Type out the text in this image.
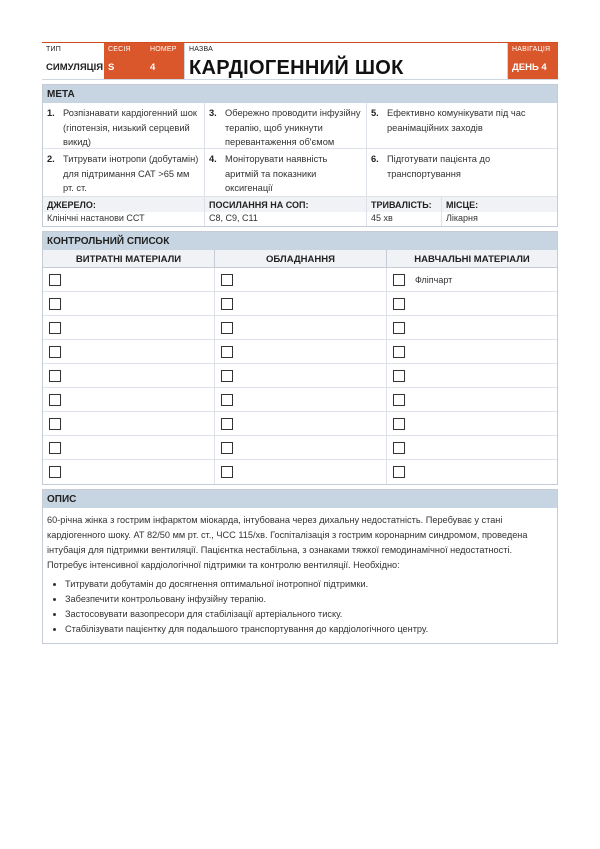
ТИП
СИМУЛЯЦІЯ
СЕСІЯ
S
НОМЕР
4
НАЗВА
КАРДІОГЕННИЙ ШОК
НАВІГАЦІЯ
ДЕНЬ 4
МЕТА
1. Розпізнавати кардіогенний шок (гіпотензія, низький серцевий викид)
3. Обережно проводити інфузійну терапію, щоб уникнути перевантаження об'ємом
5. Ефективно комунікувати під час реанімаційних заходів
2. Титрувати інотропи (добутамін) для підтримання САТ >65 мм рт. ст.
4. Моніторувати наявність аритмій та показники оксигенації
6. Підготувати пацієнта до транспортування
ДЖЕРЕЛО:
Клінічні настанови ССТ
ПОСИЛАННЯ НА СОП:
С8, С9, С11
ТРИВАЛІСТЬ:
45 хв
МІСЦЕ:
Лікарня
КОНТРОЛЬНИЙ СПИСОК
ВИТРАТНІ МАТЕРІАЛИ	ОБЛАДНАННЯ	НАВЧАЛЬНІ МАТЕРІАЛИ
Фліпчарт
ОПИС

60-річна жінка з гострим інфарктом міокарда, інтубована через дихальну недостатність. Перебуває у стані кардіогенного шоку. АТ 82/50 мм рт. ст., ЧСС 115/хв. Госпіталізація з гострим коронарним синдромом, проведена інтубація для підтримки вентиляції. Пацієнтка нестабільна, з ознаками тяжкої гемодинамічної недостатності. Потребує інтенсивної кардіологічної підтримки та контролю вентиляції. Необхідно:

• Титрувати добутамін до досягнення оптимальної інотропної підтримки.
• Забезпечити контрольовану інфузійну терапію.
• Застосовувати вазопресори для стабілізації артеріального тиску.
• Стабілізувати пацієнтку для подальшого транспортування до кардіологічного центру.
